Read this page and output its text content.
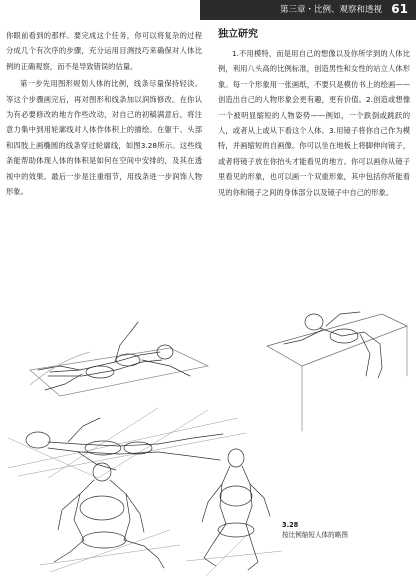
第三章・比例、观察和透视 61

你眼前看到的那样。要完成这个任务，你可以将复杂的过程分成几个有次序的步骤，充分运用目测技巧来确保对人体比例的正确观察，而不是导致错误的估量。

第一步先用图形规划人体的比例，线条尽量保持轻淡。等这个步骤画完后，再对图形和线条加以润饰修改。在你认为有必要修改的地方作些改动，对自己的初稿满意后，将注意力集中到用轮廓线对人体作体积上的描绘。在躯干、头部和四肢上画椭圆的线条穿过轮廓线，如图3.28所示。这些线条能帮助体现人体的体积是如何在空间中安排的，及其在透视中的效果。最后一步是注重细节，用线条进一步润饰人物形象。

独立研究

1.不用模特，而是用自己的想像以及你所学到的人体比例，利用八头高的比例标准，创造男性和女性的站立人体形象。每一个形象用一张画纸，不要只是模仿书上的绘画——创造出自己的人物形象会更有趣，更有价值。2.创造或想像一个被明显缩短的人物姿势——例如，一个跌倒或跳跃的人，或者从上或从下看这个人体。3.用镜子将你自己作为模特，并画缩短的自画像。你可以坐在地板上将脚伸向镜子，或者将镜子放在你抬头才能看见的地方。你可以画你从镜子里看见的形象，也可以画一个双重形象，其中包括你所能看见的你和镜子之间的身体部分以及镜子中自己的形象。

3.28
按比例缩短人体的略图
